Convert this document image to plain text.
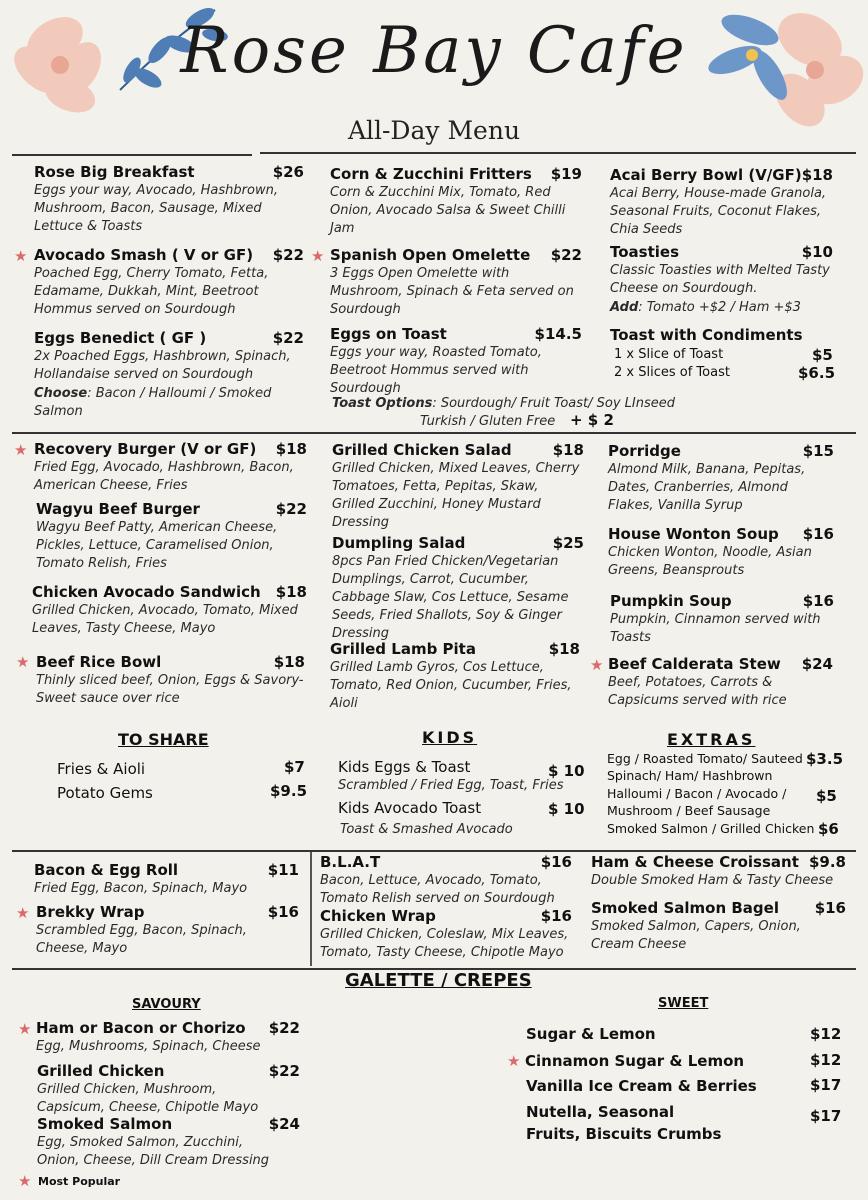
Rose Bay Cafe
All-Day Menu
Rose Big Breakfast	$26
Eggs your way, Avocado, Hashbrown, Mushroom, Bacon, Sausage, Mixed Lettuce & Toasts
★ Avocado Smash ( V or GF)	$22
Poached Egg, Cherry Tomato, Fetta, Edamame, Dukkah, Mint, Beetroot Hommus served on Sourdough
Eggs Benedict ( GF )	$22
2x Poached Eggs, Hashbrown, Spinach, Hollandaise served on Sourdough
Choose: Bacon / Halloumi / Smoked Salmon
Corn & Zucchini Fritters	$19
Corn & Zucchini Mix, Tomato, Red Onion, Avocado Salsa & Sweet Chilli Jam
★ Spanish Open Omelette	$22
3 Eggs Open Omelette with Mushroom, Spinach & Feta served on Sourdough
Eggs on Toast	$14.5
Eggs your way, Roasted Tomato, Beetroot Hommus served with Sourdough
Toast Options: Sourdough/ Fruit Toast/ Soy LInseed
Turkish / Gluten Free + $ 2
Acai Berry Bowl (V/GF) $18
Acai Berry, House-made Granola, Seasonal Fruits, Coconut Flakes, Chia Seeds
Toasties	$10
Classic Toasties with Melted Tasty Cheese on Sourdough.
Add: Tomato +$2 / Ham +$3
Toast with Condiments
1 x Slice of Toast	$5
2 x Slices of Toast	$6.5
★ Recovery Burger (V or GF)	$18
Fried Egg, Avocado, Hashbrown, Bacon, American Cheese, Fries
Wagyu Beef Burger	$22
Wagyu Beef Patty, American Cheese, Pickles, Lettuce, Caramelised Onion, Tomato Relish, Fries
Chicken Avocado Sandwich $18
Grilled Chicken, Avocado, Tomato, Mixed Leaves, Tasty Cheese, Mayo
★ Beef Rice Bowl	$18
Thinly sliced beef, Onion, Eggs & Savory-Sweet sauce over rice
Grilled Chicken Salad	$18
Grilled Chicken, Mixed Leaves, Cherry Tomatoes, Fetta, Pepitas, Skaw, Grilled Zucchini, Honey Mustard Dressing
Dumpling Salad	$25
8pcs Pan Fried Chicken/Vegetarian Dumplings, Carrot, Cucumber, Cabbage Slaw, Cos Lettuce, Sesame Seeds, Fried Shallots, Soy & Ginger Dressing
Grilled Lamb Pita	$18
Grilled Lamb Gyros, Cos Lettuce, Tomato, Red Onion, Cucumber, Fries, Aioli
Porridge	$15
Almond Milk, Banana, Pepitas, Dates, Cranberries, Almond Flakes, Vanilla Syrup
House Wonton Soup	$16
Chicken Wonton, Noodle, Asian Greens, Beansprouts
Pumpkin Soup	$16
Pumpkin, Cinnamon served with Toasts
★ Beef Calderata Stew	$24
Beef, Potatoes, Carrots & Capsicums served with rice
TO SHARE
Fries & Aioli	$7
Potato Gems	$9.5
KIDS
Kids Eggs & Toast	$ 10
Scrambled / Fried Egg, Toast, Fries
Kids Avocado Toast	$ 10
Toast & Smashed Avocado
EXTRAS
Egg / Roasted Tomato/ Sauteed Spinach/ Ham/ Hashbrown
$3.5
Halloumi / Bacon / Avocado / Mushroom / Beef Sausage
$5
Smoked Salmon / Grilled Chicken $6
Bacon & Egg Roll	$11
Fried Egg, Bacon, Spinach, Mayo
★ Brekky Wrap	$16
Scrambled Egg, Bacon, Spinach, Cheese, Mayo
B.L.A.T	$16
Bacon, Lettuce, Avocado, Tomato, Tomato Relish served on Sourdough
Chicken Wrap	$16
Grilled Chicken, Coleslaw, Mix Leaves, Tomato, Tasty Cheese, Chipotle Mayo
Ham & Cheese Croissant $9.8
Double Smoked Ham & Tasty Cheese
Smoked Salmon Bagel	$16
Smoked Salmon, Capers, Onion, Cream Cheese
GALETTE / CREPES
SAVOURY	SWEET
★ Ham or Bacon or Chorizo	$22
Egg, Mushrooms, Spinach, Cheese
Grilled Chicken	$22
Grilled Chicken, Mushroom, Capsicum, Cheese, Chipotle Mayo
Smoked Salmon	$24
Egg, Smoked Salmon, Zucchini, Onion, Cheese, Dill Cream Dressing
Sugar & Lemon	$12
★ Cinnamon Sugar & Lemon	$12
Vanilla Ice Cream & Berries	$17
Nutella, Seasonal Fruits, Biscuits Crumbs
$17
★ Most Popular
